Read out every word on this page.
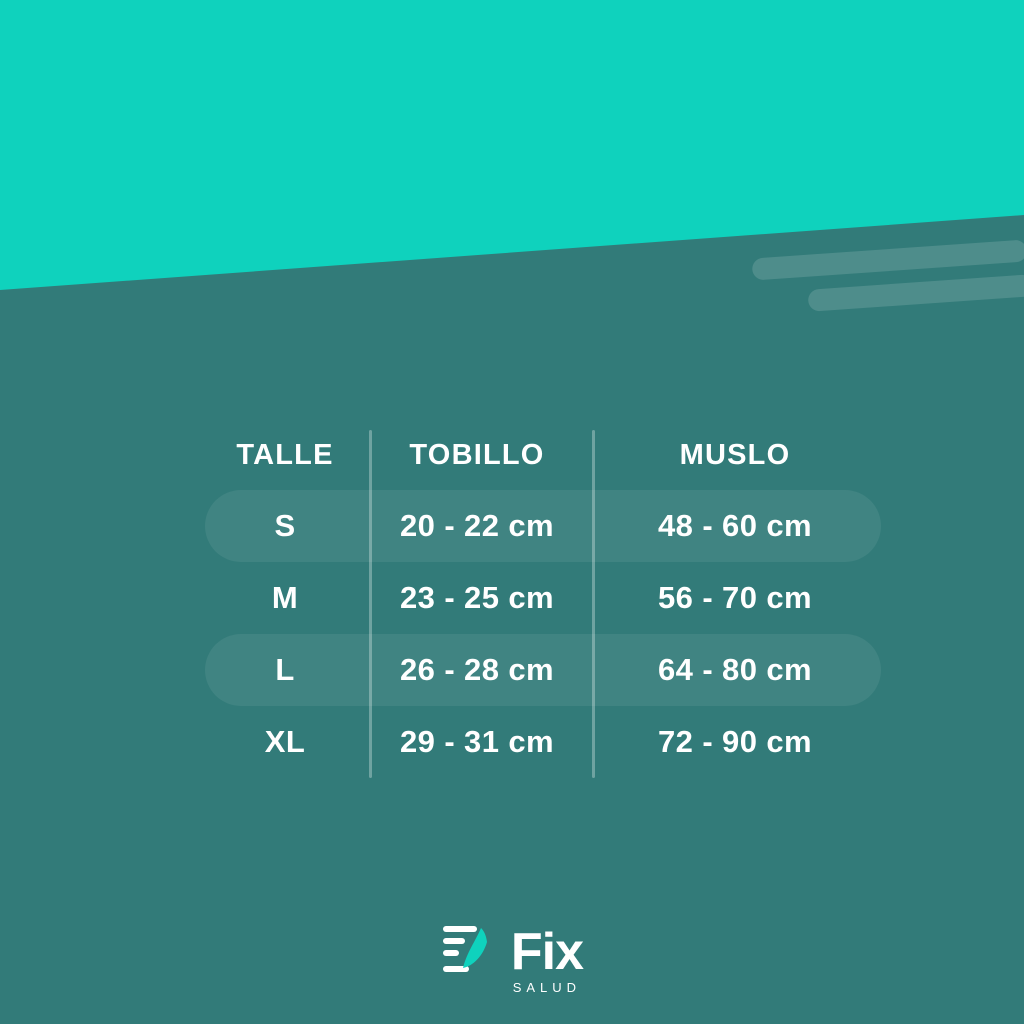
TALLE	TOBILLO	MUSLO
S	20 - 22 cm	48 - 60 cm
M	23 - 25 cm	56 - 70 cm
L	26 - 28 cm	64 - 80 cm
XL	29 - 31 cm	72 - 90 cm
Fix
SALUD
